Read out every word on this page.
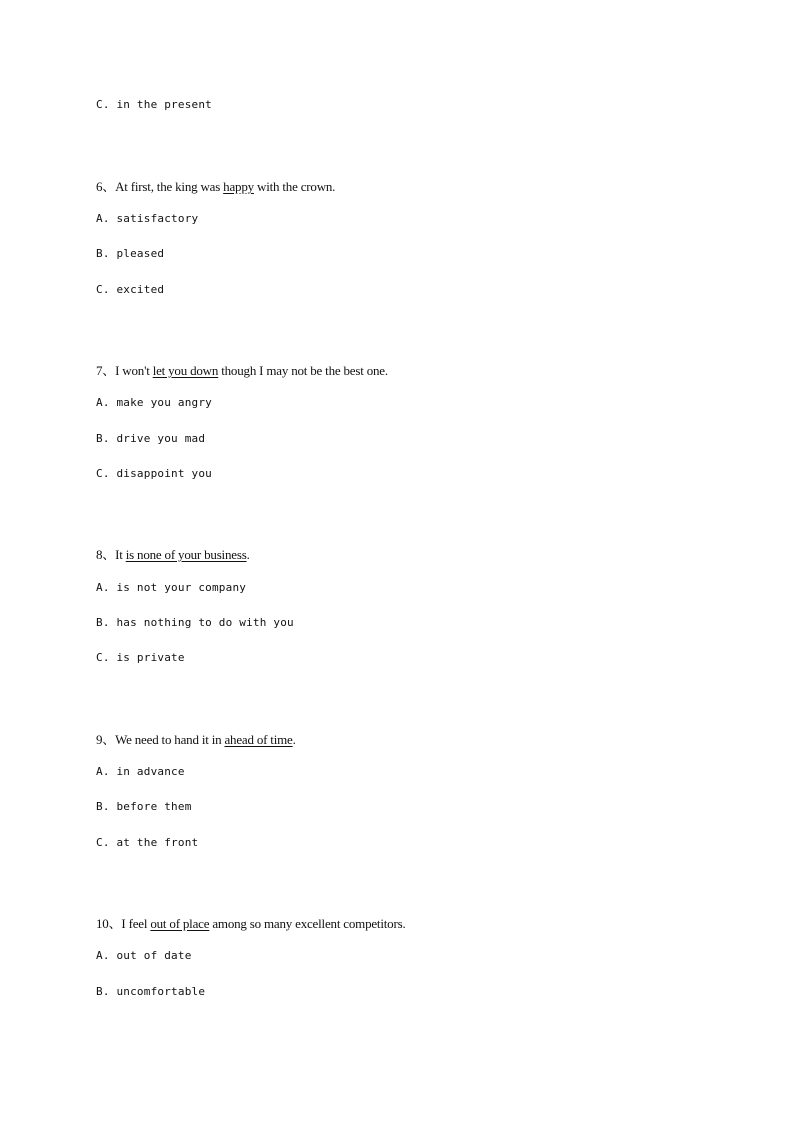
C. in the present
6、At first, the king was happy with the crown.
A. satisfactory
B. pleased
C. excited
7、I won't let you down though I may not be the best one.
A. make you angry
B. drive you mad
C. disappoint you
8、It is none of your business.
A. is not your company
B. has nothing to do with you
C. is private
9、We need to hand it in ahead of time.
A. in advance
B. before them
C. at the front
10、I feel out of place among so many excellent competitors.
A. out of date
B. uncomfortable
